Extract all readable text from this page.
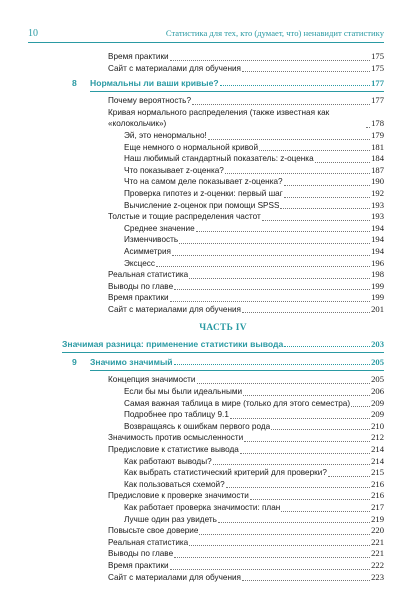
10	Статистика для тех, кто (думает, что) ненавидит статистику
Время практики	175
Сайт с материалами для обучения	175
8	Нормальны ли ваши кривые?	177
Почему вероятность?	177
Кривая нормального распределения (также известная как «колокольчик»)	178
Эй, это ненормально!	179
Еще немного о нормальной кривой	181
Наш любимый стандартный показатель: z-оценка	184
Что показывает z-оценка?	187
Что на самом деле показывает z-оценка?	190
Проверка гипотез и z-оценки: первый шаг	192
Вычисление z-оценок при помощи SPSS	193
Толстые и тощие распределения частот	193
Среднее значение	194
Изменчивость	194
Асимметрия	194
Эксцесс	196
Реальная статистика	198
Выводы по главе	199
Время практики	199
Сайт с материалами для обучения	201
ЧАСТЬ IV
Значимая разница: применение статистики вывода	203
9	Значимо значимый	205
Концепция значимости	205
Если бы мы были идеальными	206
Самая важная таблица в мире (только для этого семестра) 209
Подробнее про таблицу 9.1	209
Возвращаясь к ошибкам первого рода	210
Значимость против осмысленности	212
Предисловие к статистике вывода	214
Как работают выводы?	214
Как выбрать статистический критерий для проверки?	215
Как пользоваться схемой?	216
Предисловие к проверке значимости	216
Как работает проверка значимости: план	217
Лучше один раз увидеть	219
Повысьте свое доверие	220
Реальная статистика	221
Выводы по главе	221
Время практики	222
Сайт с материалами для обучения	223
